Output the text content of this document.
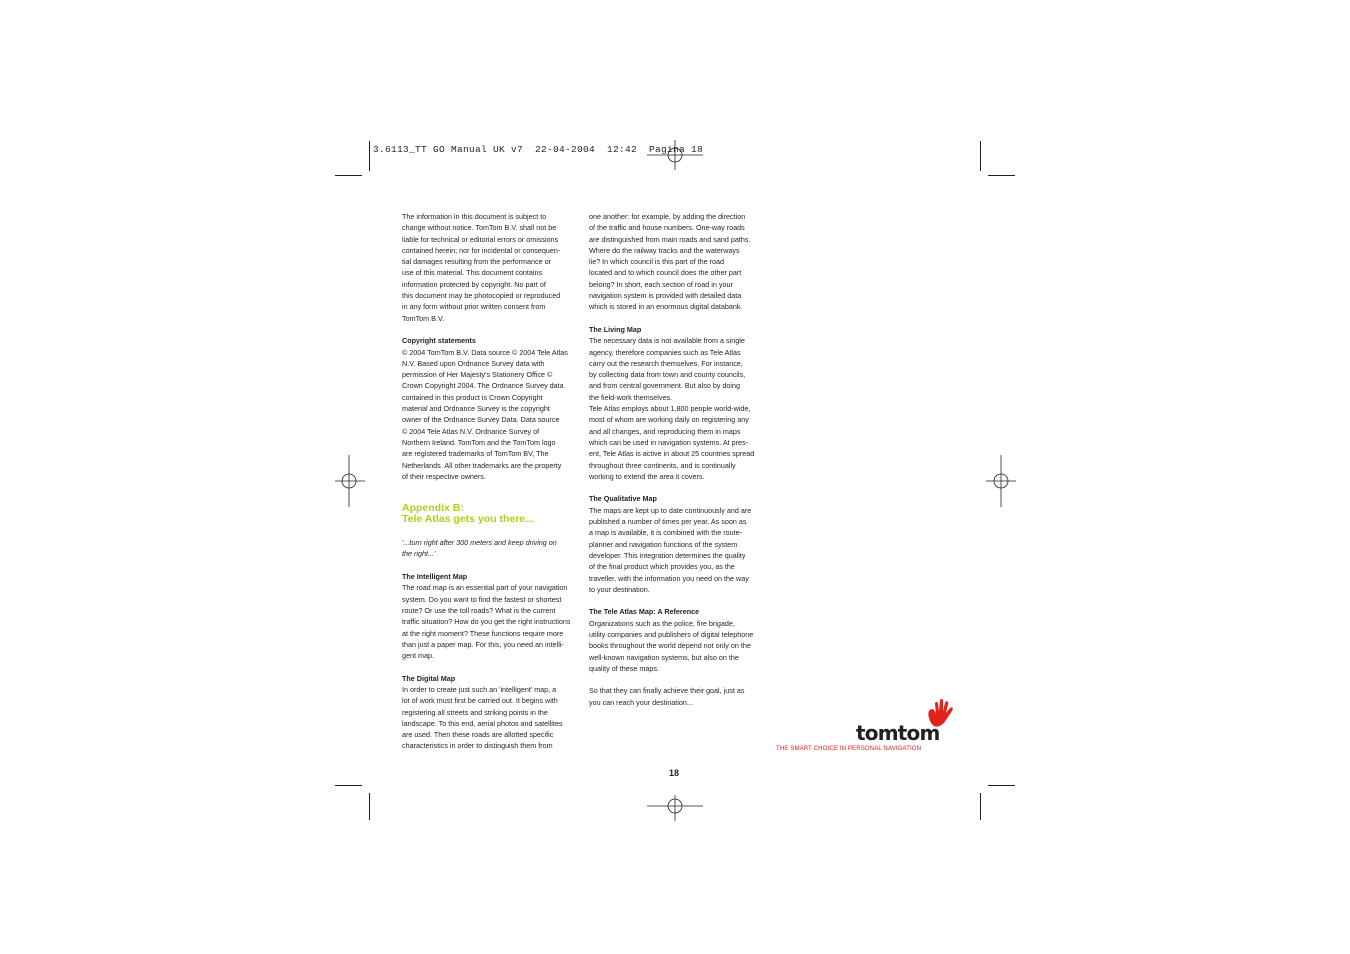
3.6113_TT GO Manual UK v7  22-04-2004  12:42  Pagina 18

The information in this document is subject to

change without notice. TomTom B.V. shall not be

liable for technical or editorial errors or omissions

contained herein; nor for incidental or consequen-

tial damages resulting from the performance or

use of this material. This document contains

information protected by copyright. No part of

this document may be photocopied or reproduced

in any form without prior written consent from

TomTom B.V.

Copyright statements

© 2004 TomTom B.V. Data source © 2004 Tele Atlas

N.V. Based upon Ordnance Survey data with

permission of Her Majesty's Stationery Office ©

Crown Copyright 2004. The Ordnance Survey data

contained in this product is Crown Copyright

material and Ordnance Survey is the copyright

owner of the Ordnance Survey Data. Data source

© 2004 Tele Atlas N.V. Ordnance Survey of

Northern Ireland. TomTom and the TomTom logo

are registered trademarks of TomTom BV, The

Netherlands. All other trademarks are the property

of their respective owners.

Appendix B:

Tele Atlas gets you there...

'...turn right after 300 meters and keep driving on

the right...'

The Intelligent Map

The road map is an essential part of your navigation

system. Do you want to find the fastest or shortest

route? Or use the toll roads? What is the current

traffic situation? How do you get the right instructions

at the right moment? These functions require more

than just a paper map. For this, you need an intelli-

gent map.

The Digital Map

In order to create just such an 'intelligent' map, a

lot of work must first be carried out. It begins with

registering all streets and striking points in the

landscape. To this end, aerial photos and satellites

are used. Then these roads are allotted specific

characteristics in order to distinguish them from

one another: for example, by adding the direction

of the traffic and house numbers. One-way roads

are distinguished from main roads and sand paths.

Where do the railway tracks and the waterways

lie? In which council is this part of the road

located and to which council does the other part

belong? In short, each section of road in your

navigation system is provided with detailed data

which is stored in an enormous digital databank.

The Living Map

The necessary data is not available from a single

agency, therefore companies such as Tele Atlas

carry out the research themselves. For instance,

by collecting data from town and county councils,

and from central government. But also by doing

the field-work themselves.

Tele Atlas employs about 1,800 people world-wide,

most of whom are working daily on registering any

and all changes, and reproducing them in maps

which can be used in navigation systems. At pres-

ent, Tele Atlas is active in about 25 countries spread

throughout three continents, and is continually

working to extend the area it covers.

The Qualitative Map

The maps are kept up to date continuously and are

published a number of times per year. As soon as

a map is available, it is combined with the route-

planner and navigation functions of the system

developer. This integration determines the quality

of the final product which provides you, as the

traveller, with the information you need on the way

to your destination.

The Tele Atlas Map: A Reference

Organizations such as the police, fire brigade,

utility companies and publishers of digital telephone

books throughout the world depend not only on the

well-known navigation systems, but also on the

quality of these maps.

So that they can finally achieve their goal, just as

you can reach your destination...

tomtom
THE SMART CHOICE IN PERSONAL NAVIGATION
18
